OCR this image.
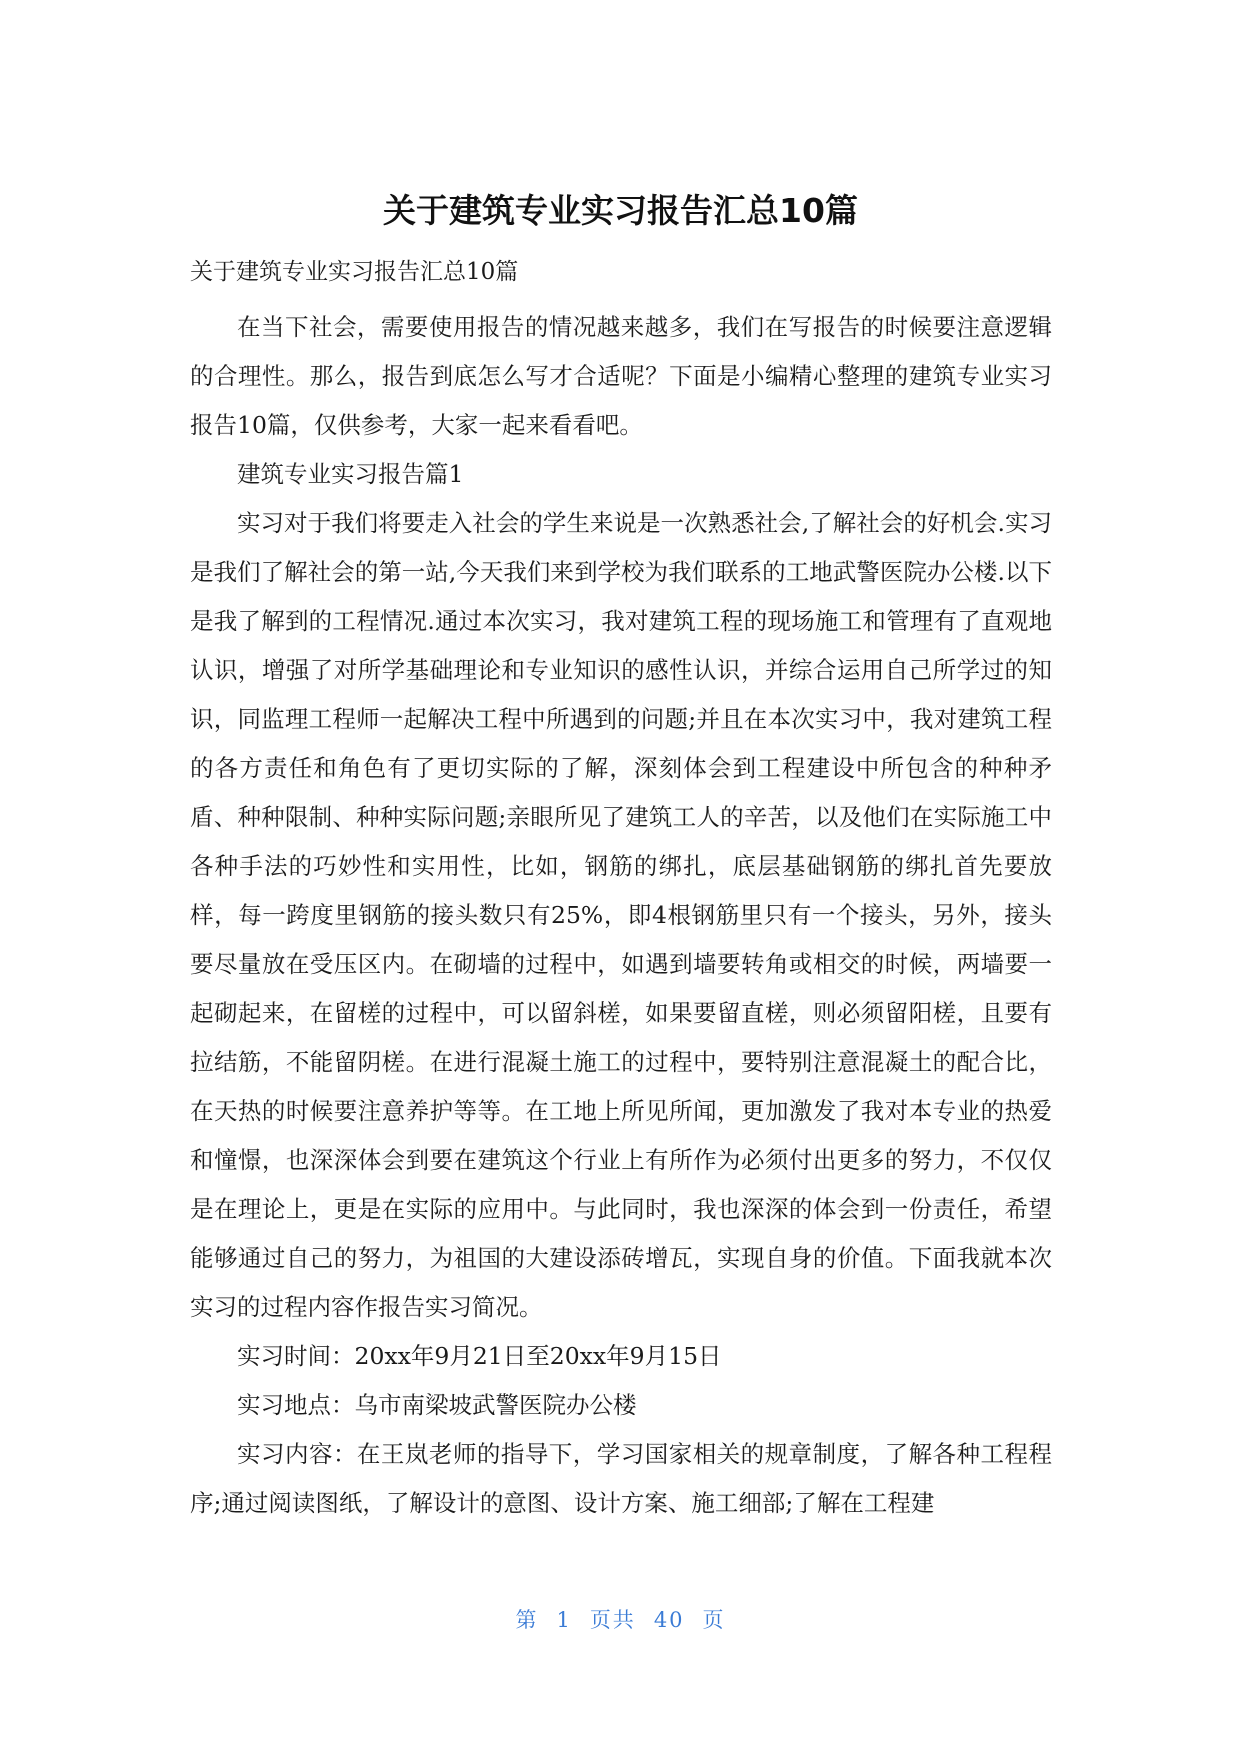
关于建筑专业实习报告汇总10篇
关于建筑专业实习报告汇总10篇

在当下社会，需要使用报告的情况越来越多，我们在写报告的时候要注意逻辑的合理性。那么，报告到底怎么写才合适呢？下面是小编精心整理的建筑专业实习报告10篇，仅供参考，大家一起来看看吧。

建筑专业实习报告篇1

实习对于我们将要走入社会的学生来说是一次熟悉社会,了解社会的好机会.实习是我们了解社会的第一站,今天我们来到学校为我们联系的工地武警医院办公楼.以下是我了解到的工程情况.通过本次实习，我对建筑工程的现场施工和管理有了直观地认识，增强了对所学基础理论和专业知识的感性认识，并综合运用自己所学过的知识，同监理工程师一起解决工程中所遇到的问题;并且在本次实习中，我对建筑工程的各方责任和角色有了更切实际的了解，深刻体会到工程建设中所包含的种种矛盾、种种限制、种种实际问题;亲眼所见了建筑工人的辛苦，以及他们在实际施工中各种手法的巧妙性和实用性，比如，钢筋的绑扎，底层基础钢筋的绑扎首先要放样，每一跨度里钢筋的接头数只有25%，即4根钢筋里只有一个接头，另外，接头要尽量放在受压区内。在砌墙的过程中，如遇到墙要转角或相交的时候，两墙要一起砌起来，在留槎的过程中，可以留斜槎，如果要留直槎，则必须留阳槎，且要有拉结筋，不能留阴槎。在进行混凝土施工的过程中，要特别注意混凝土的配合比，在天热的时候要注意养护等等。在工地上所见所闻，更加激发了我对本专业的热爱和憧憬，也深深体会到要在建筑这个行业上有所作为必须付出更多的努力，不仅仅是在理论上，更是在实际的应用中。与此同时，我也深深的体会到一份责任，希望能够通过自己的努力，为祖国的大建设添砖增瓦，实现自身的价值。下面我就本次实习的过程内容作报告实习简况。

实习时间：20xx年9月21日至20xx年9月15日

实习地点：乌市南梁坡武警医院办公楼

实习内容：在王岚老师的指导下，学习国家相关的规章制度，了解各种工程程序;通过阅读图纸，了解设计的意图、设计方案、施工细部;了解在工程建

第 1 页共 40 页
